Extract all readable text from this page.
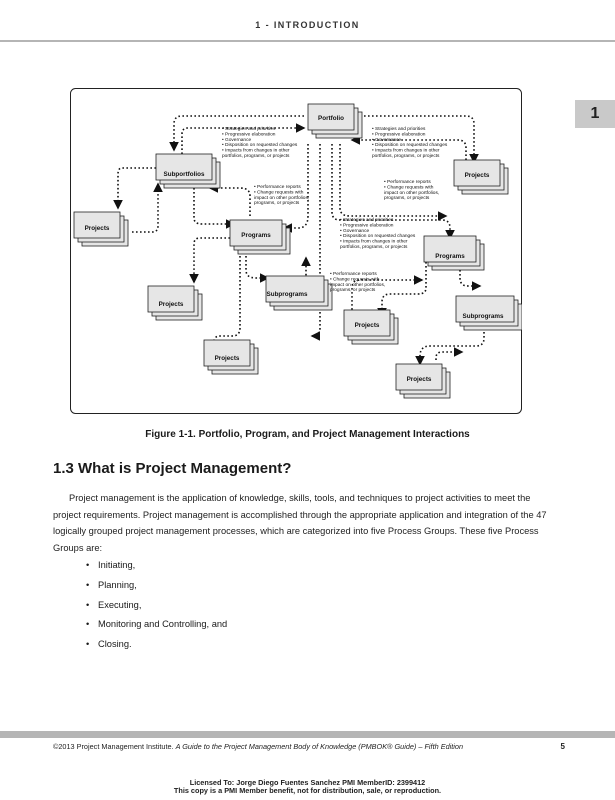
1 - INTRODUCTION
1
Portfolio
Subportfolios	Projects
Projects
Programs
Programs
Subprograms
Subprograms
Projects
Projects
Projects
Projects
• Strategies and priorities • Progressive elaboration • Governance • Disposition on requested changes • Impacts from changes in other portfolios, programs, or projects
• Strategies and priorities • Progressive elaboration • Governance • Disposition on requested changes • Impacts from changes in other portfolios, programs, or projects
• Performance reports • Change requests with impact on other portfolios, programs, or projects
• Performance reports • Change requests with impact on other portfolios, programs, or projects
• Strategies and priorities • Progressive elaboration • Governance • Disposition on requested changes • Impacts from changes in other portfolios, programs, or projects
• Performance reports • Change requests with impact on other portfolios, programs, or projects
Figure 1-1. Portfolio, Program, and Project Management Interactions
1.3 What is Project Management?

Project management is the application of knowledge, skills, tools, and techniques to project activities to meet the project requirements. Project management is accomplished through the appropriate application and integration of the 47 logically grouped project management processes, which are categorized into five Process Groups. These five Process Groups are:

• Initiating,
• Planning,
• Executing,
• Monitoring and Controlling, and
• Closing.
©2013 Project Management Institute. A Guide to the Project Management Body of Knowledge (PMBOK® Guide) – Fifth Edition	5
Licensed To: Jorge Diego Fuentes Sanchez PMI MemberID: 2399412
This copy is a PMI Member benefit, not for distribution, sale, or reproduction.
